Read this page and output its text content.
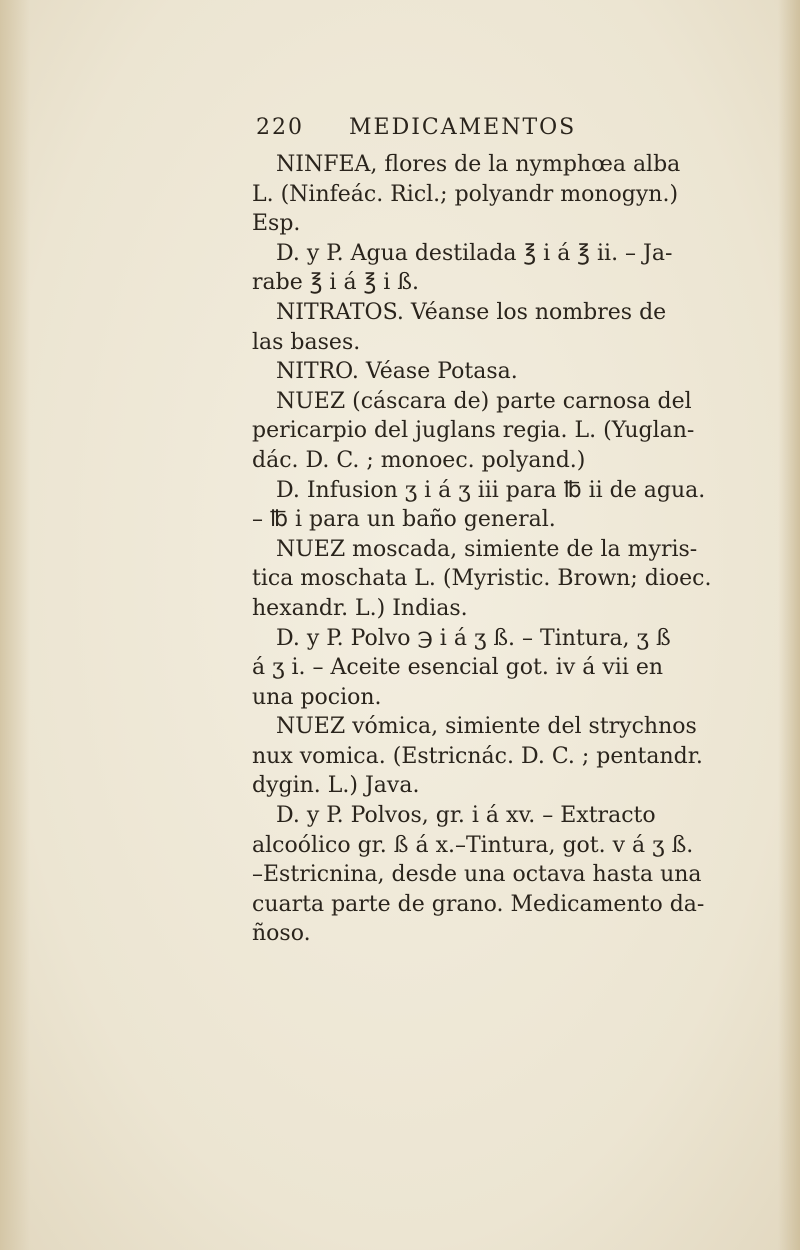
220 MEDICAMENTOS

NINFEA, flores de la nymphœa alba

L. (Ninfeác. Ricl.; polyandr monogyn.)

Esp.

D. y P. Agua destilada ℥ i á ℥ ii. – Ja-

rabe ℥ i á ℥ i ß.

NITRATOS. Véanse los nombres de

las bases.

NITRO. Véase Potasa.

NUEZ (cáscara de) parte carnosa del

pericarpio del juglans regia. L. (Yuglan-

dác. D. C. ; monoec. polyand.)

D. Infusion ʒ i á ʒ iii para ℔ ii de agua.

– ℔ i para un baño general.

NUEZ moscada, simiente de la myris-

tica moschata L. (Myristic. Brown; dioec.

hexandr. L.) Indias.

D. y P. Polvo ℈ i á ʒ ß. – Tintura, ʒ ß

á ʒ i. – Aceite esencial got. iv á vii en

una pocion.

NUEZ vómica, simiente del strychnos

nux vomica. (Estricnác. D. C. ; pentandr.

dygin. L.) Java.

D. y P. Polvos, gr. i á xv. – Extracto

alcoólico gr. ß á x.–Tintura, got. v á ʒ ß.

–Estricnina, desde una octava hasta una

cuarta parte de grano. Medicamento da-

ñoso.
